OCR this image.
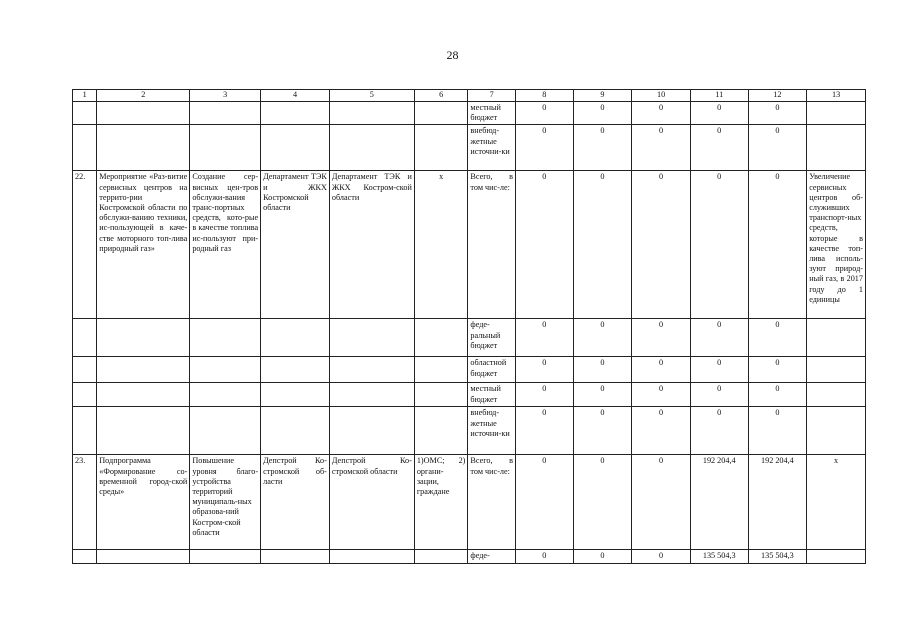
28
1	2	3	4	5	6	7	8	9	10	11	12	13
						местный бюджет	0	0	0	0	0	
						внебюд-жетные источни-ки	0	0	0	0	0	
22.	Мероприятие «Раз-витие сервисных центров на террито-рии Костромской области по обслужи-ванию техники, ис-пользующей в каче-стве моторного топ-лива природный газ»	Создание сер-висных цен-тров обслужи-вания транс-портных средств, кото-рые в качестве топлива ис-пользуют при-родный газ	Департамент ТЭК и ЖКХ Костромской области	Департамент ТЭК и ЖКХ Костром-ской области	х	Всего, в том чис-ле:	0	0	0	0	0	Увеличение сервисных центров об-служивших транспорт-ных средств, которые в качестве топ-лива исполь-зуют природ-ный газ, в 2017 году до 1 единицы
						феде-ральный бюджет	0	0	0	0	0	
						областной бюджет	0	0	0	0	0	
						местный бюджет	0	0	0	0	0	
						внебюд-жетные источни-ки	0	0	0	0	0	
23.	Подпрограмма «Формирование со-временной город-ской среды»	Повышение уровня благо-устройства территорий муниципаль-ных образова-ний Костром-ской области	Депстрой Ко-стромской об-ласти	Депстрой Ко-стромской области	1)ОМС; 2) органи-зации, граждане	Всего, в том чис-ле:	0	0	0	192 204,4	192 204,4	х
						феде-	0	0	0	135 504,3	135 504,3	
